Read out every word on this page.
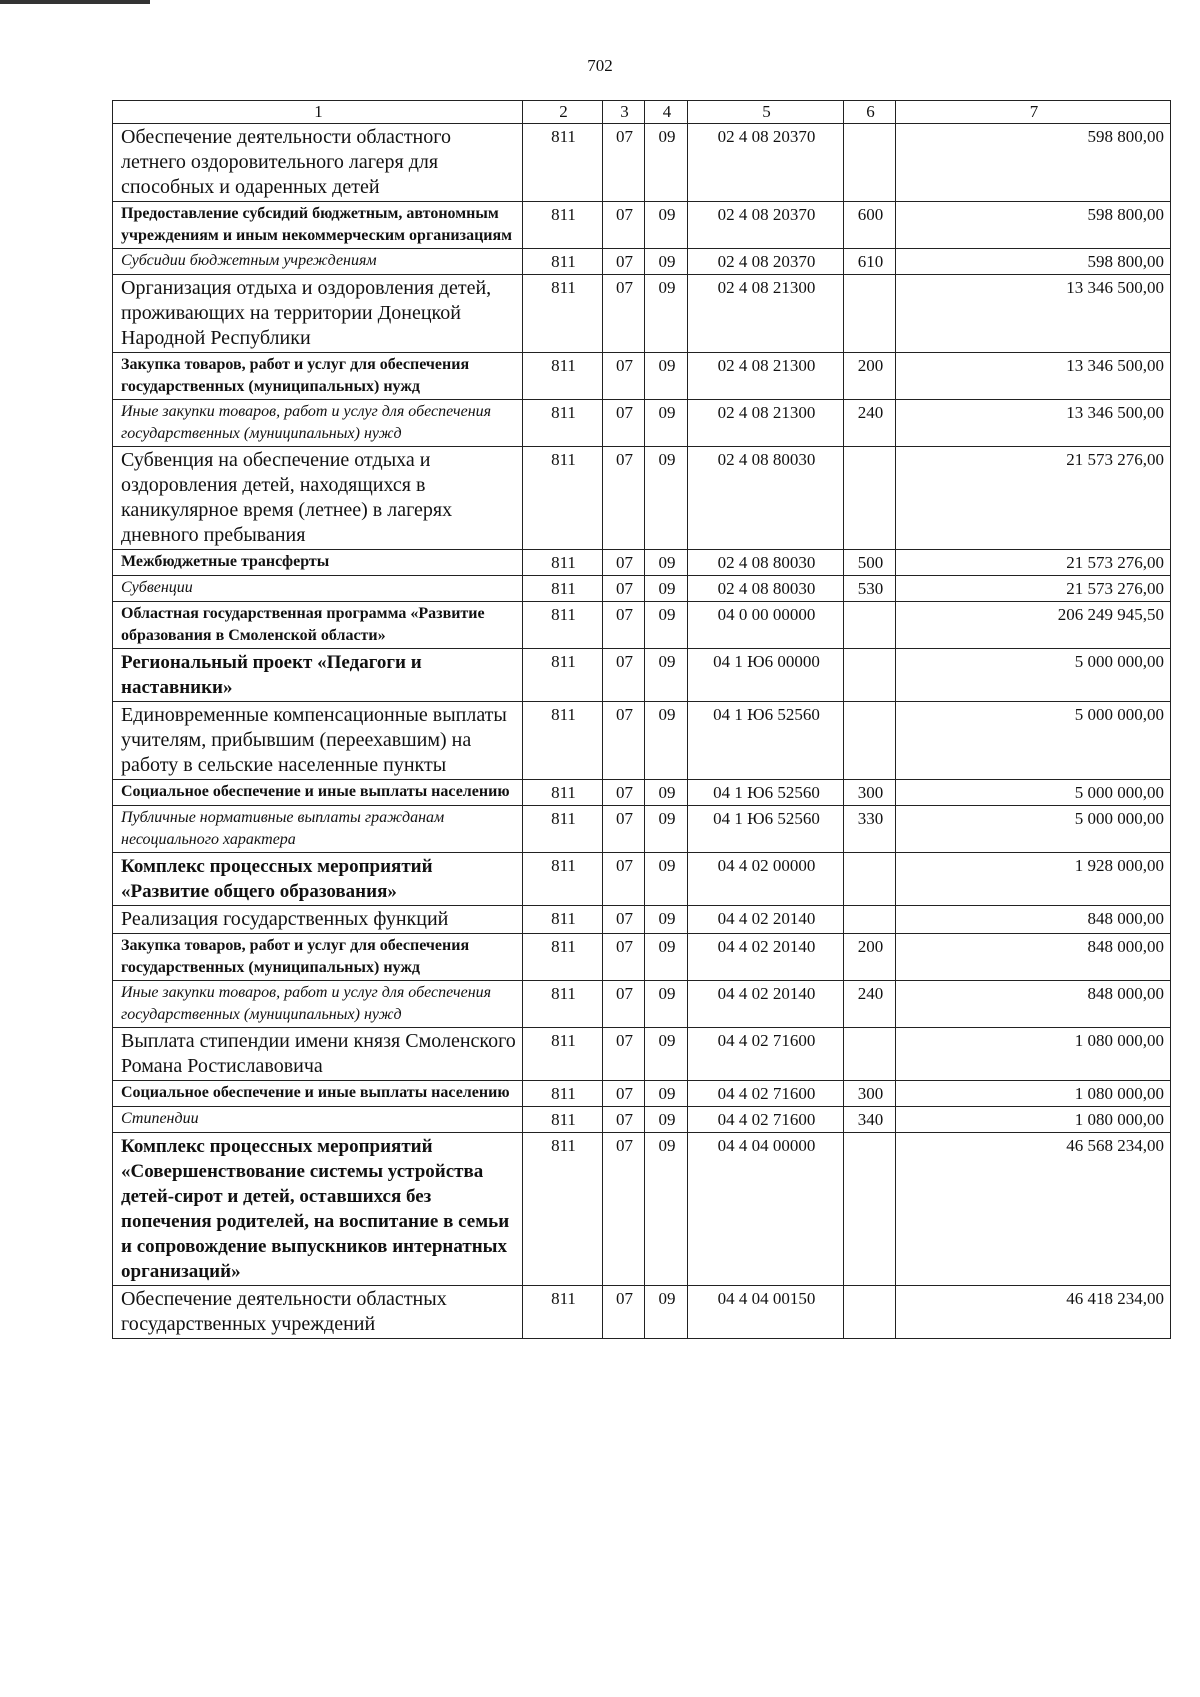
702
1	2	3	4	5	6	7
Обеспечение деятельности областного летнего оздоровительного лагеря для способных и одаренных детей	811	07	09	02 4 08 20370		598 800,00
Предоставление субсидий бюджетным, автономным учреждениям и иным некоммерческим организациям	811	07	09	02 4 08 20370	600	598 800,00
Субсидии бюджетным учреждениям	811	07	09	02 4 08 20370	610	598 800,00
Организация отдыха и оздоровления детей, проживающих на территории Донецкой Народной Республики	811	07	09	02 4 08 21300		13 346 500,00
Закупка товаров, работ и услуг для обеспечения государственных (муниципальных) нужд	811	07	09	02 4 08 21300	200	13 346 500,00
Иные закупки товаров, работ и услуг для обеспечения государственных (муниципальных) нужд	811	07	09	02 4 08 21300	240	13 346 500,00
Субвенция на обеспечение отдыха и оздоровления детей, находящихся в каникулярное время (летнее) в лагерях дневного пребывания	811	07	09	02 4 08 80030		21 573 276,00
Межбюджетные трансферты	811	07	09	02 4 08 80030	500	21 573 276,00
Субвенции	811	07	09	02 4 08 80030	530	21 573 276,00
Областная государственная программа «Развитие образования в Смоленской области»	811	07	09	04 0 00 00000		206 249 945,50
Региональный проект «Педагоги и наставники»	811	07	09	04 1 Ю6 00000		5 000 000,00
Единовременные компенсационные выплаты учителям, прибывшим (переехавшим) на работу в сельские населенные пункты	811	07	09	04 1 Ю6 52560		5 000 000,00
Социальное обеспечение и иные выплаты населению	811	07	09	04 1 Ю6 52560	300	5 000 000,00
Публичные нормативные выплаты гражданам несоциального характера	811	07	09	04 1 Ю6 52560	330	5 000 000,00
Комплекс процессных мероприятий «Развитие общего образования»	811	07	09	04 4 02 00000		1 928 000,00
Реализация государственных функций	811	07	09	04 4 02 20140		848 000,00
Закупка товаров, работ и услуг для обеспечения государственных (муниципальных) нужд	811	07	09	04 4 02 20140	200	848 000,00
Иные закупки товаров, работ и услуг для обеспечения государственных (муниципальных) нужд	811	07	09	04 4 02 20140	240	848 000,00
Выплата стипендии имени князя Смоленского Романа Ростиславовича	811	07	09	04 4 02 71600		1 080 000,00
Социальное обеспечение и иные выплаты населению	811	07	09	04 4 02 71600	300	1 080 000,00
Стипендии	811	07	09	04 4 02 71600	340	1 080 000,00
Комплекс процессных мероприятий «Совершенствование системы устройства детей-сирот и детей, оставшихся без попечения родителей, на воспитание в семьи и сопровождение выпускников интернатных организаций»	811	07	09	04 4 04 00000		46 568 234,00
Обеспечение деятельности областных государственных учреждений	811	07	09	04 4 04 00150		46 418 234,00
